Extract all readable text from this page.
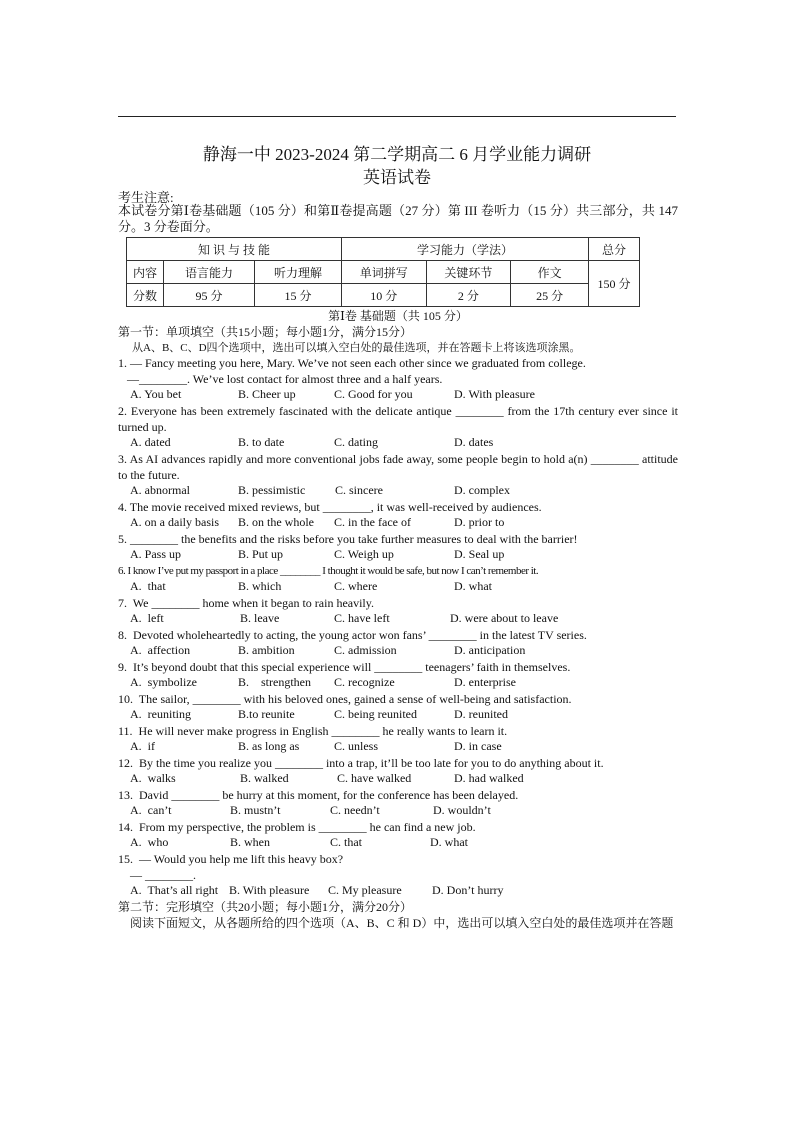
静海一中 2023-2024 第二学期高二 6 月学业能力调研
英语试卷
考生注意:
本试卷分第Ⅰ卷基础题（105 分）和第Ⅱ卷提高题（27 分）第 III 卷听力（15 分）共三部分，共 147 分。3 分卷面分。
知 识 与 技 能			学习能力（学法）			总分
内容	语言能力	听力理解	单词拼写	关键环节	作文	150 分
分数	95 分	15 分	10 分	2 分	25 分	
第Ⅰ卷 基础题（共 105 分）
第一节：单项填空（共15小题；每小题1分，满分15分）
从A、B、C、D四个选项中，选出可以填入空白处的最佳选项，并在答题卡上将该选项涂黑。
1. — Fancy meeting you here, Mary. We’ve not seen each other since we graduated from college.
—________. We’ve lost contact for almost three and a half years.
A. You bet	B. Cheer up	C. Good for you	D. With pleasure
2. Everyone has been extremely fascinated with the delicate antique ________ from the 17th century ever since it turned up.
A. dated	B. to date	C. dating	D. dates
3. As AI advances rapidly and more conventional jobs fade away, some people begin to hold a(n) ________ attitude to the future.
A. abnormal	B. pessimistic C. sincere	D. complex
4. The movie received mixed reviews, but ________, it was well-received by audiences.
A. on a daily basis B. on the whole C. in the face of	D. prior to
5. ________ the benefits and the risks before you take further measures to deal with the barrier!
A. Pass up	B. Put up	C. Weigh up	D. Seal up
6. I know I’ve put my passport in a place ________ I thought it would be safe, but now I can’t remember it.
A.  that	B. which	C. where	D. what
7.  We ________ home when it began to rain heavily.
A.  left	B. leave	C. have left	D. were about to leave
8.  Devoted wholeheartedly to acting, the young actor won fans’ ________ in the latest TV series.
A.  affection	B. ambition	C. admission	D. anticipation
9.  It’s beyond doubt that this special experience will ________ teenagers’ faith in themselves.
A.  symbolize	B.    strengthen C. recognize	D. enterprise
10.  The sailor, ________ with his beloved ones, gained a sense of well-being and satisfaction.
A.  reuniting	B.to reunite	C. being reunited	D. reunited
11.  He will never make progress in English ________ he really wants to learn it.
A.  if	B. as long as	C. unless	D. in case
12.  By the time you realize you ________ into a trap, it’ll be too late for you to do anything about it.
A.  walks	B. walked	C. have walked	D. had walked
13.  David ________ be hurry at this moment, for the conference has been delayed.
A.  can’t	B. mustn’t	C. needn’t	D. wouldn’t
14.  From my perspective, the problem is ________ he can find a new job.
A.  who	B. when	C. that	D. what
15.  — Would you help me lift this heavy box?
— ________.
A.  That’s all right B. With pleasure C. My pleasure	D. Don’t hurry
第二节：完形填空（共20小题；每小题1分，满分20分）
阅读下面短文，从各题所给的四个选项（A、B、C 和 D）中，选出可以填入空白处的最佳选项并在答题
